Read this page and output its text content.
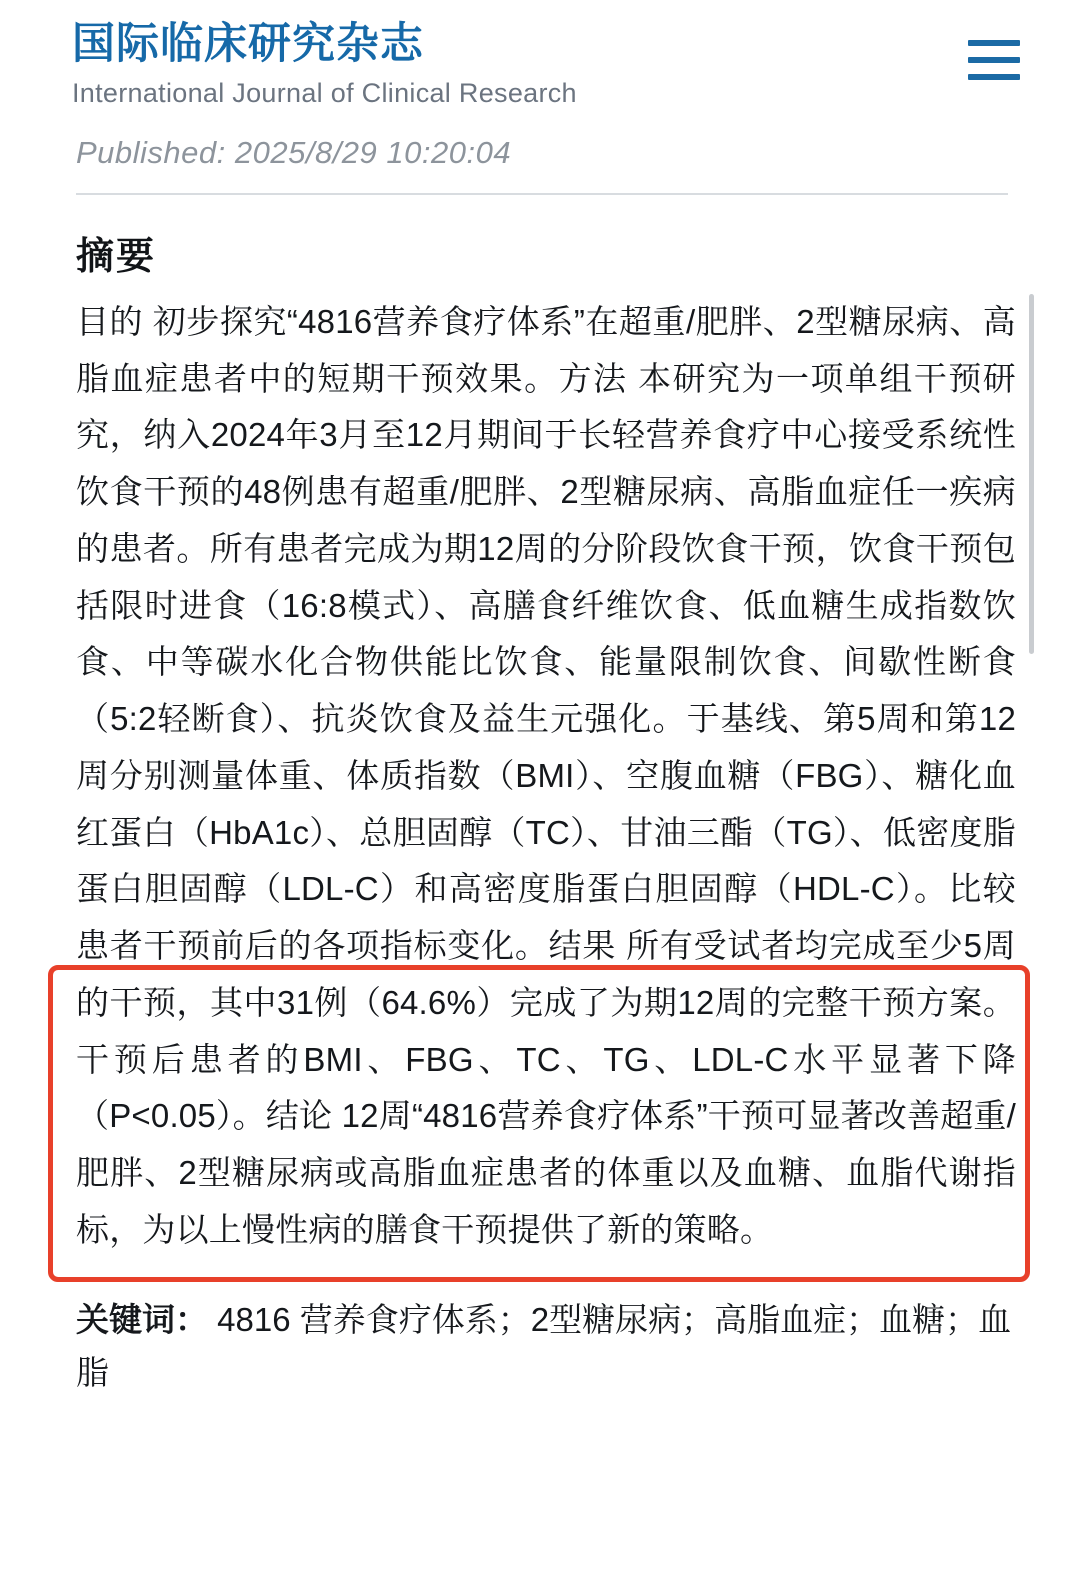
国际临床研究杂志
International Journal of Clinical Research
Published: 2025/8/29 10:20:04
摘要
目的 初步探究“4816营养食疗体系”在超重/肥胖、2型糖尿病、高脂血症患者中的短期干预效果。方法 本研究为一项单组干预研究，纳入2024年3月至12月期间于长轻营养食疗中心接受系统性饮食干预的48例患有超重/肥胖、2型糖尿病、高脂血症任一疾病的患者。所有患者完成为期12周的分阶段饮食干预，饮食干预包括限时进食（16:8模式）、高膳食纤维饮食、低血糖生成指数饮食、中等碳水化合物供能比饮食、能量限制饮食、间歇性断食（5:2轻断食）、抗炎饮食及益生元强化。于基线、第5周和第12周分别测量体重、体质指数（BMI）、空腹血糖（FBG）、糖化血红蛋白（HbA1c）、总胆固醇（TC）、甘油三酯（TG）、低密度脂蛋白胆固醇（LDL-C）和高密度脂蛋白胆固醇（HDL-C）。比较患者干预前后的各项指标变化。结果 所有受试者均完成至少5周的干预，其中31例（64.6%）完成了为期12周的完整干预方案。干预后患者的BMI、FBG、TC、TG、LDL-C水平显著下降（P<0.05）。结论 12周“4816营养食疗体系”干预可显著改善超重/肥胖、2型糖尿病或高脂血症患者的体重以及血糖、血脂代谢指标，为以上慢性病的膳食干预提供了新的策略。
关键词： 4816 营养食疗体系；2型糖尿病；高脂血症；血糖；血脂
